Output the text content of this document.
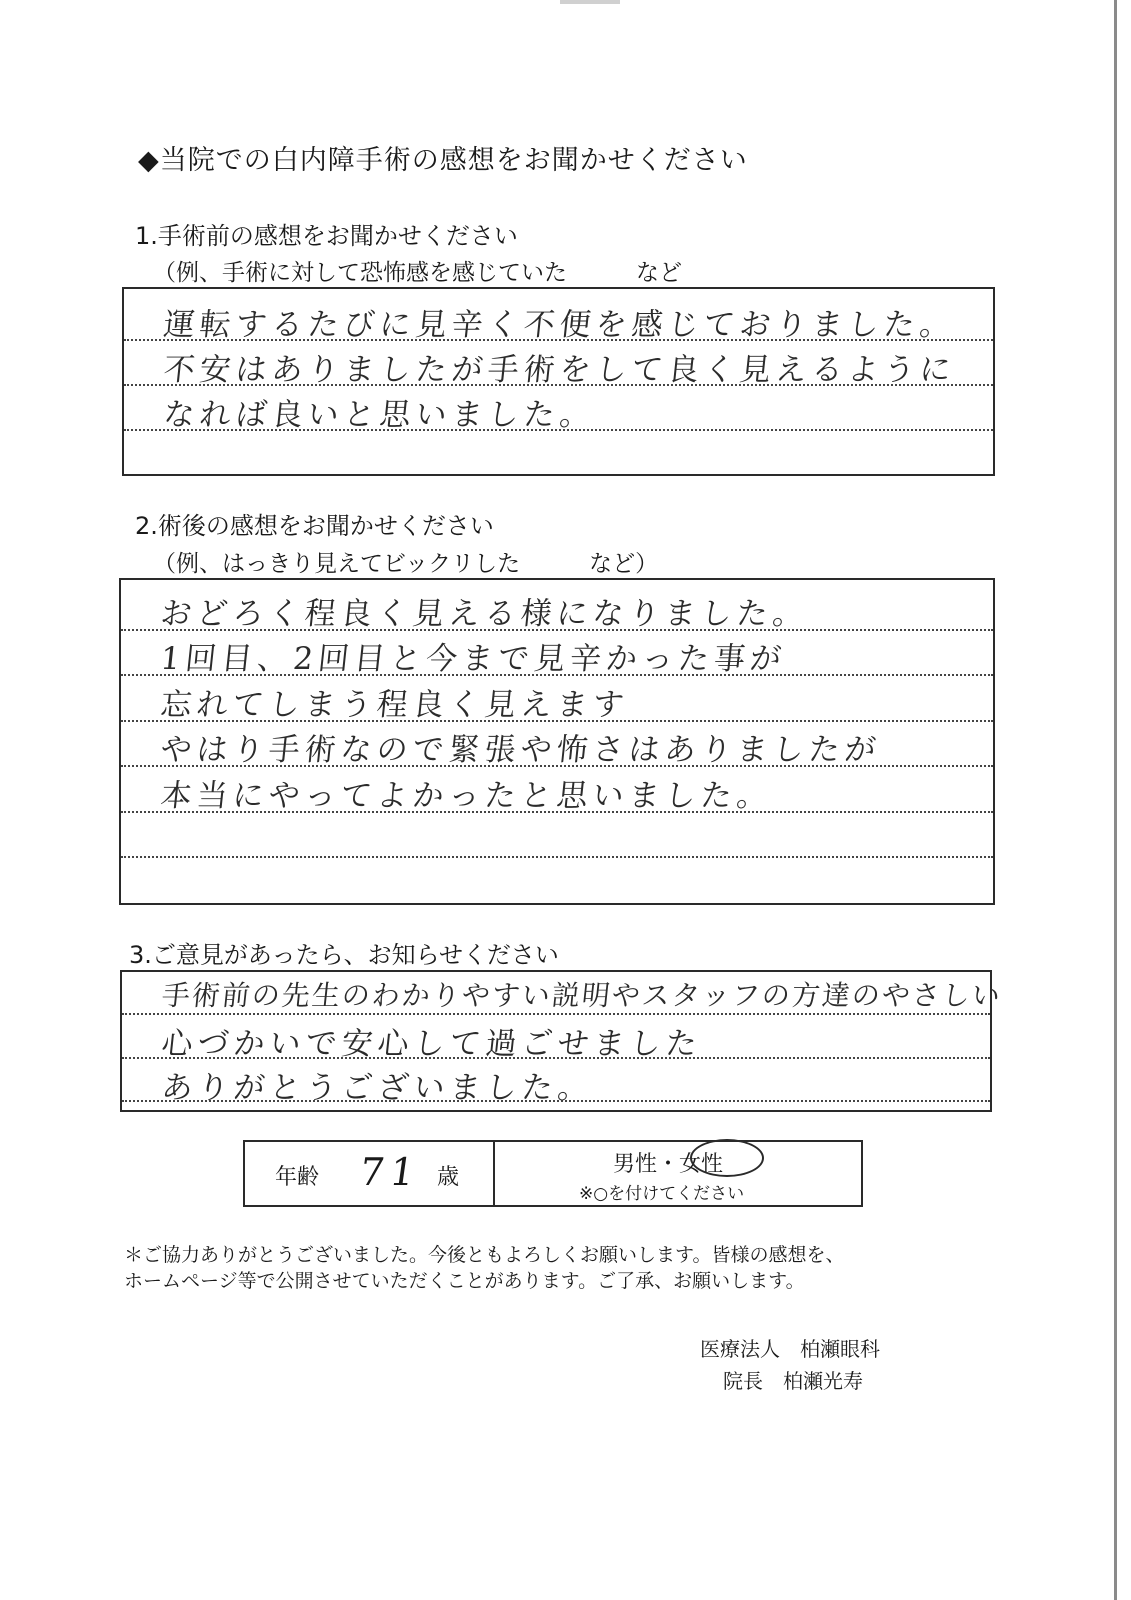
◆当院での白内障手術の感想をお聞かせください
1.手術前の感想をお聞かせください
（例、手術に対して恐怖感を感じていた　　　など
運転するたびに見辛く不便を感じておりました。
不安はありましたが手術をして良く見えるように
なれば良いと思いました。
2.術後の感想をお聞かせください
（例、はっきり見えてビックリした　　　など）
おどろく程良く見える様になりました。
1回目、2回目と今まで見辛かった事が
忘れてしまう程良く見えます
やはり手術なので緊張や怖さはありましたが
本当にやってよかったと思いました。
3.ご意見があったら、お知らせください
手術前の先生のわかりやすい説明やスタッフの方達のやさしい
心づかいで安心して過ごせました
ありがとうございました。
年齢 71 歳
男性・女性
※○を付けてください
＊ご協力ありがとうございました。今後ともよろしくお願いします。皆様の感想を、
ホームページ等で公開させていただくことがあります。ご了承、お願いします。
医療法人　柏瀬眼科
院長　柏瀬光寿
